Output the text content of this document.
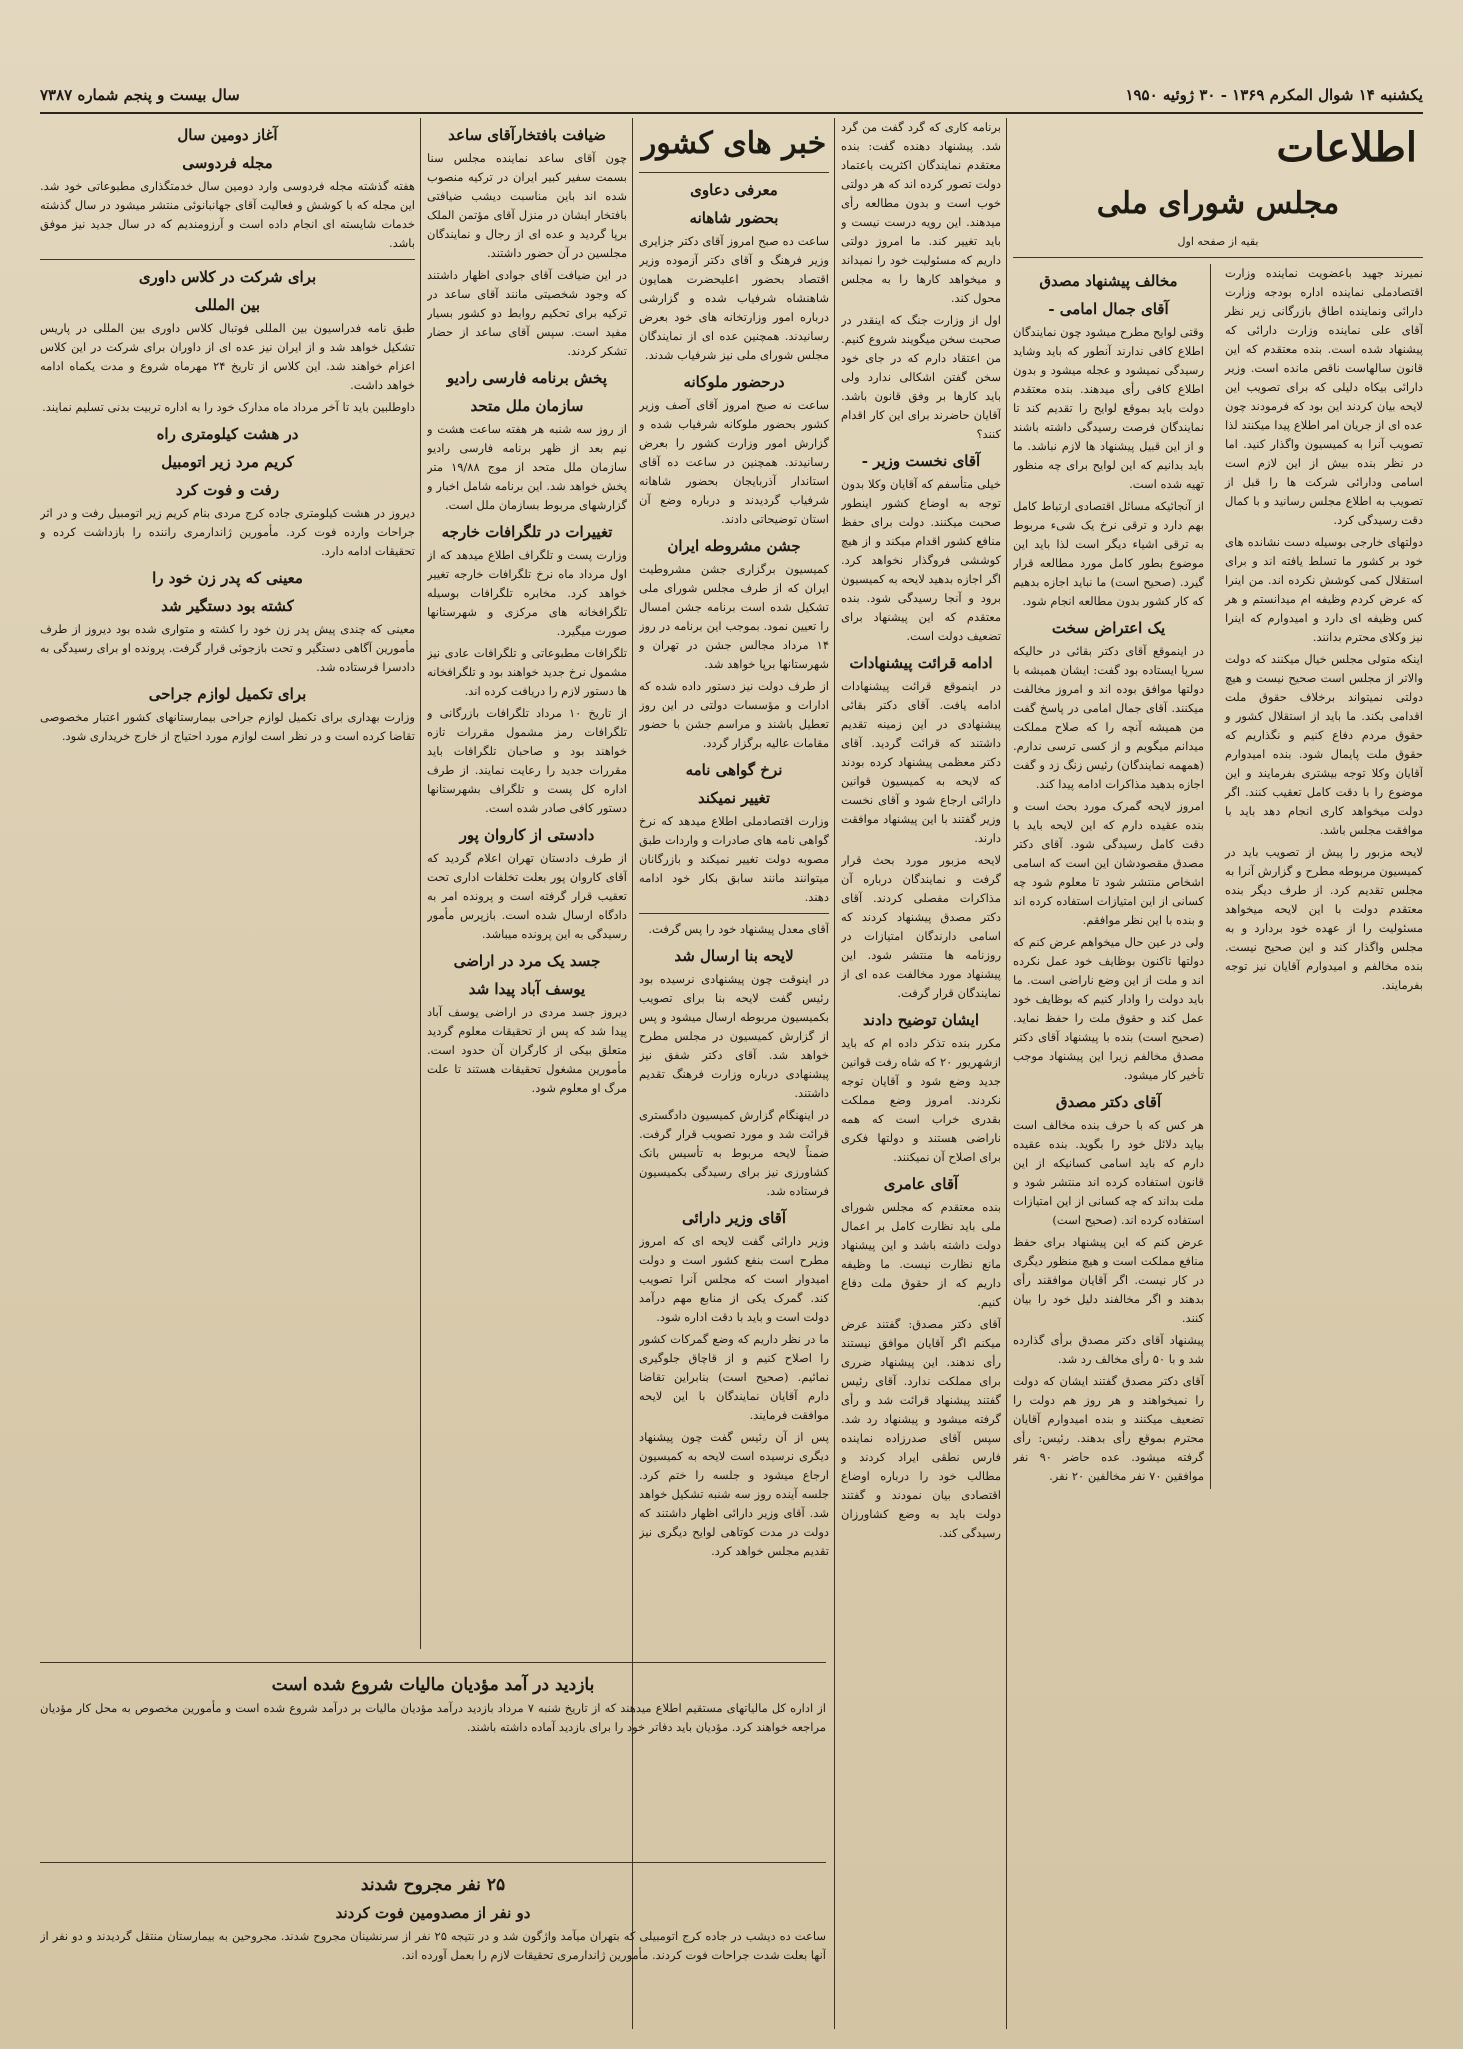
یکشنبه ۱۴ شوال المکرم ۱۳۶۹ - ۳۰ ژوئیه ۱۹۵۰
سال بیست و پنجم شماره ۷۳۸۷
اطلاعات
مجلس شورای ملی
بقیه از صفحه اول

نمیرند جهید باعضویت نماینده وزارت اقتصادملی نماینده اداره بودجه وزارت دارائی ونماینده اطاق بازرگانی زیر نظر آقای علی نماینده وزارت دارائی که پیشنهاد شده است. بنده معتقدم که این قانون سالهاست ناقص مانده است. وزیر دارائی بیکاه دلیلی که برای تصویب این لایحه بیان کردند این بود که فرمودند چون عده ای از جریان امر اطلاع پیدا میکنند لذا تصویب آنرا به کمیسیون واگذار کنید. اما در نظر بنده بیش از این لازم است اسامی ودارائی شرکت ها را قبل از تصویب به اطلاع مجلس رسانید و با کمال دقت رسیدگی کرد.

دولتهای خارجی بوسیله دست نشانده های خود بر کشور ما تسلط یافته اند و برای استقلال کمی کوشش نکرده اند. من اینرا که عرض کردم وظیفه ام میدانستم و هر کس وظیفه ای دارد و امیدوارم که اینرا نیز وکلای محترم بدانند.

اینکه متولی مجلس خیال میکنند که دولت والاتر از مجلس است صحیح نیست و هیچ دولتی نمیتواند برخلاف حقوق ملت اقدامی بکند. ما باید از استقلال کشور و حقوق مردم دفاع کنیم و نگذاریم که حقوق ملت پایمال شود. بنده امیدوارم آقایان وکلا توجه بیشتری بفرمایند و این موضوع را با دقت کامل تعقیب کنند. اگر دولت میخواهد کاری انجام دهد باید با موافقت مجلس باشد.

لایحه مزبور را پیش از تصویب باید در کمیسیون مربوطه مطرح و گزارش آنرا به مجلس تقدیم کرد. از طرف دیگر بنده معتقدم دولت با این لایحه میخواهد مسئولیت را از عهده خود بردارد و به مجلس واگذار کند و این صحیح نیست. بنده مخالفم و امیدوارم آقایان نیز توجه بفرمایند.

مخالف پیشنهاد مصدق
آقای جمال امامی -

وقتی لوایح مطرح میشود چون نمایندگان اطلاع کافی ندارند آنطور که باید وشاید رسیدگی نمیشود و عجله میشود و بدون اطلاع کافی رأی میدهند. بنده معتقدم دولت باید بموقع لوایح را تقدیم کند تا نمایندگان فرصت رسیدگی داشته باشند و از این قبیل پیشنهاد ها لازم نباشد. ما باید بدانیم که این لوایح برای چه منظور تهیه شده است.

از آنجائیکه مسائل اقتصادی ارتباط کامل بهم دارد و ترقی نرخ یک شیء مربوط به ترقی اشیاء دیگر است لذا باید این موضوع بطور کامل مورد مطالعه قرار گیرد. (صحیح است) ما نباید اجازه بدهیم که کار کشور بدون مطالعه انجام شود.

یک اعتراض سخت

در اینموقع آقای دکتر بقائی در حالیکه سرپا ایستاده بود گفت: ایشان همیشه با دولتها موافق بوده اند و امروز مخالفت میکنند. آقای جمال امامی در پاسخ گفت من همیشه آنچه را که صلاح مملکت میدانم میگویم و از کسی ترسی ندارم. (همهمه نمایندگان) رئیس زنگ زد و گفت اجازه بدهید مذاکرات ادامه پیدا کند.

امروز لایحه گمرک مورد بحث است و بنده عقیده دارم که این لایحه باید با دقت کامل رسیدگی شود. آقای دکتر مصدق مقصودشان این است که اسامی اشخاص منتشر شود تا معلوم شود چه کسانی از این امتیازات استفاده کرده اند و بنده با این نظر موافقم.

ولی در عین حال میخواهم عرض کنم که دولتها تاکنون بوظایف خود عمل نکرده اند و ملت از این وضع ناراضی است. ما باید دولت را وادار کنیم که بوظایف خود عمل کند و حقوق ملت را حفظ نماید. (صحیح است) بنده با پیشنهاد آقای دکتر مصدق مخالفم زیرا این پیشنهاد موجب تأخیر کار میشود.

آقای دکتر مصدق

هر کس که با حرف بنده مخالف است بیاید دلائل خود را بگوید. بنده عقیده دارم که باید اسامی کسانیکه از این قانون استفاده کرده اند منتشر شود و ملت بداند که چه کسانی از این امتیازات استفاده کرده اند. (صحیح است)

عرض کنم که این پیشنهاد برای حفظ منافع مملکت است و هیچ منظور دیگری در کار نیست. اگر آقایان موافقند رأی بدهند و اگر مخالفند دلیل خود را بیان کنند.

پیشنهاد آقای دکتر مصدق برأی گذارده شد و با ۵۰ رأی مخالف رد شد.

آقای دکتر مصدق گفتند ایشان که دولت را نمیخواهند و هر روز هم دولت را تضعیف میکنند و بنده امیدوارم آقایان محترم بموقع رأی بدهند. رئیس: رأی گرفته میشود. عده حاضر ۹۰ نفر موافقین ۷۰ نفر مخالفین ۲۰ نفر.

برنامه کاری که گرد گفت من گرد شد. پیشنهاد دهنده گفت: بنده معتقدم نمایندگان اکثریت باعتماد دولت تصور کرده اند که هر دولتی خوب است و بدون مطالعه رأی میدهند. این رویه درست نیست و باید تغییر کند. ما امروز دولتی داریم که مسئولیت خود را نمیداند و میخواهد کارها را به مجلس محول کند.

اول از وزارت جنگ که اینقدر در صحبت سخن میگویند شروع کنیم. من اعتقاد دارم که در جای خود سخن گفتن اشکالی ندارد ولی باید کارها بر وفق قانون باشد. آقایان حاضرند برای این کار اقدام کنند؟

آقای نخست وزیر -

خیلی متأسفم که آقایان وکلا بدون توجه به اوضاع کشور اینطور صحبت میکنند. دولت برای حفظ منافع کشور اقدام میکند و از هیچ کوششی فروگذار نخواهد کرد. اگر اجازه بدهید لایحه به کمیسیون برود و آنجا رسیدگی شود. بنده معتقدم که این پیشنهاد برای تضعیف دولت است.

ادامه قرائت پیشنهادات

در اینموقع قرائت پیشنهادات ادامه یافت. آقای دکتر بقائی پیشنهادی در این زمینه تقدیم داشتند که قرائت گردید. آقای دکتر معظمی پیشنهاد کرده بودند که لایحه به کمیسیون قوانین دارائی ارجاع شود و آقای نخست وزیر گفتند با این پیشنهاد موافقت دارند.

لایحه مزبور مورد بحث قرار گرفت و نمایندگان درباره آن مذاکرات مفصلی کردند. آقای دکتر مصدق پیشنهاد کردند که اسامی دارندگان امتیازات در روزنامه ها منتشر شود. این پیشنهاد مورد مخالفت عده ای از نمایندگان قرار گرفت.

ایشان توضیح دادند

مکرر بنده تذکر داده ام که باید ازشهریور ۲۰ که شاه رفت قوانین جدید وضع شود و آقایان توجه نکردند. امروز وضع مملکت بقدری خراب است که همه ناراضی هستند و دولتها فکری برای اصلاح آن نمیکنند.

آقای عامری

بنده معتقدم که مجلس شورای ملی باید نظارت کامل بر اعمال دولت داشته باشد و این پیشنهاد مانع نظارت نیست. ما وظیفه داریم که از حقوق ملت دفاع کنیم.

آقای دکتر مصدق: گفتند عرض میکنم اگر آقایان موافق نیستند رأی ندهند. این پیشنهاد ضرری برای مملکت ندارد. آقای رئیس گفتند پیشنهاد قرائت شد و رأی گرفته میشود و پیشنهاد رد شد. سپس آقای صدرزاده نماینده فارس نطقی ایراد کردند و مطالب خود را درباره اوضاع اقتصادی بیان نمودند و گفتند دولت باید به وضع کشاورزان رسیدگی کند.

خبر های کشور
معرفی دعاوی
بحضور شاهانه

ساعت ده صبح امروز آقای دکتر جزایری وزیر فرهنگ و آقای دکتر آزموده وزیر اقتصاد بحضور اعلیحضرت همایون شاهنشاه شرفیاب شده و گزارشی درباره امور وزارتخانه های خود بعرض رسانیدند. همچنین عده ای از نمایندگان مجلس شورای ملی نیز شرفیاب شدند.

درحضور ملوکانه

ساعت نه صبح امروز آقای آصف وزیر کشور بحضور ملوکانه شرفیاب شده و گزارش امور وزارت کشور را بعرض رسانیدند. همچنین در ساعت ده آقای استاندار آذربایجان بحضور شاهانه شرفیاب گردیدند و درباره وضع آن استان توضیحاتی دادند.

جشن مشروطه ایران

کمیسیون برگزاری جشن مشروطیت ایران که از طرف مجلس شورای ملی تشکیل شده است برنامه جشن امسال را تعیین نمود. بموجب این برنامه در روز ۱۴ مرداد مجالس جشن در تهران و شهرستانها برپا خواهد شد.

از طرف دولت نیز دستور داده شده که ادارات و مؤسسات دولتی در این روز تعطیل باشند و مراسم جشن با حضور مقامات عالیه برگزار گردد.

نرخ گواهی نامه
تغییر نمیکند

وزارت اقتصادملی اطلاع میدهد که نرخ گواهی نامه های صادرات و واردات طبق مصوبه دولت تغییر نمیکند و بازرگانان میتوانند مانند سابق بکار خود ادامه دهند.

آقای معدل پیشنهاد خود را پس گرفت.

لایحه بنا ارسال شد

در اینوقت چون پیشنهادی نرسیده بود رئیس گفت لایحه بنا برای تصویب بکمیسیون مربوطه ارسال میشود و پس از گزارش کمیسیون در مجلس مطرح خواهد شد. آقای دکتر شفق نیز پیشنهادی درباره وزارت فرهنگ تقدیم داشتند.

در اینهنگام گزارش کمیسیون دادگستری قرائت شد و مورد تصویب قرار گرفت. ضمناً لایحه مربوط به تأسیس بانک کشاورزی نیز برای رسیدگی بکمیسیون فرستاده شد.

آقای وزیر دارائی

وزیر دارائی گفت لایحه ای که امروز مطرح است بنفع کشور است و دولت امیدوار است که مجلس آنرا تصویب کند. گمرک یکی از منابع مهم درآمد دولت است و باید با دقت اداره شود.

ما در نظر داریم که وضع گمرکات کشور را اصلاح کنیم و از قاچاق جلوگیری نمائیم. (صحیح است) بنابراین تقاضا دارم آقایان نمایندگان با این لایحه موافقت فرمایند.

پس از آن رئیس گفت چون پیشنهاد دیگری نرسیده است لایحه به کمیسیون ارجاع میشود و جلسه را ختم کرد. جلسه آینده روز سه شنبه تشکیل خواهد شد. آقای وزیر دارائی اظهار داشتند که دولت در مدت کوتاهی لوایح دیگری نیز تقدیم مجلس خواهد کرد.

ضیافت بافتخارآقای ساعد

چون آقای ساعد نماینده مجلس سنا بسمت سفیر کبیر ایران در ترکیه منصوب شده اند باین مناسبت دیشب ضیافتی بافتخار ایشان در منزل آقای مؤتمن الملک برپا گردید و عده ای از رجال و نمایندگان مجلسین در آن حضور داشتند.

در این ضیافت آقای جوادی اظهار داشتند که وجود شخصیتی مانند آقای ساعد در ترکیه برای تحکیم روابط دو کشور بسیار مفید است. سپس آقای ساعد از حضار تشکر کردند.

پخش برنامه فارسی رادیو
سازمان ملل متحد

از روز سه شنبه هر هفته ساعت هشت و نیم بعد از ظهر برنامه فارسی رادیو سازمان ملل متحد از موج ۱۹/۸۸ متر پخش خواهد شد. این برنامه شامل اخبار و گزارشهای مربوط بسازمان ملل است.

تغییرات در تلگرافات خارجه

وزارت پست و تلگراف اطلاع میدهد که از اول مرداد ماه نرخ تلگرافات خارجه تغییر خواهد کرد. مخابره تلگرافات بوسیله تلگرافخانه های مرکزی و شهرستانها صورت میگیرد.

تلگرافات مطبوعاتی و تلگرافات عادی نیز مشمول نرخ جدید خواهند بود و تلگرافخانه ها دستور لازم را دریافت کرده اند.

از تاریخ ۱۰ مرداد تلگرافات بازرگانی و تلگرافات رمز مشمول مقررات تازه خواهند بود و صاحبان تلگرافات باید مقررات جدید را رعایت نمایند. از طرف اداره کل پست و تلگراف بشهرستانها دستور کافی صادر شده است.

دادستی از کاروان پور

از طرف دادستان تهران اعلام گردید که آقای کاروان پور بعلت تخلفات اداری تحت تعقیب قرار گرفته است و پرونده امر به دادگاه ارسال شده است. بازپرس مأمور رسیدگی به این پرونده میباشد.

جسد یک مرد در اراضی
یوسف آباد پیدا شد

دیروز جسد مردی در اراضی یوسف آباد پیدا شد که پس از تحقیقات معلوم گردید متعلق بیکی از کارگران آن حدود است. مأمورین مشغول تحقیقات هستند تا علت مرگ او معلوم شود.

آغاز دومین سال
مجله فردوسی

هفته گذشته مجله فردوسی وارد دومین سال خدمتگذاری مطبوعاتی خود شد. این مجله که با کوشش و فعالیت آقای جهانبانوئی منتشر میشود در سال گذشته خدمات شایسته ای انجام داده است و آرزومندیم که در سال جدید نیز موفق باشد.

برای شرکت در کلاس داوری
بین المللی

طبق نامه فدراسیون بین المللی فوتبال کلاس داوری بین المللی در پاریس تشکیل خواهد شد و از ایران نیز عده ای از داوران برای شرکت در این کلاس اعزام خواهند شد. این کلاس از تاریخ ۲۴ مهرماه شروع و مدت یکماه ادامه خواهد داشت.

داوطلبین باید تا آخر مرداد ماه مدارک خود را به اداره تربیت بدنی تسلیم نمایند.

در هشت کیلومتری راه
کریم مرد زیر اتومبیل
رفت و فوت کرد

دیروز در هشت کیلومتری جاده کرج مردی بنام کریم زیر اتومبیل رفت و در اثر جراحات وارده فوت کرد. مأمورین ژاندارمری راننده را بازداشت کرده و تحقیقات ادامه دارد.

معینی که پدر زن خود را
کشته بود دستگیر شد

معینی که چندی پیش پدر زن خود را کشته و متواری شده بود دیروز از طرف مأمورین آگاهی دستگیر و تحت بازجوئی قرار گرفت. پرونده او برای رسیدگی به دادسرا فرستاده شد.

برای تکمیل لوازم جراحی

وزارت بهداری برای تکمیل لوازم جراحی بیمارستانهای کشور اعتبار مخصوصی تقاضا کرده است و در نظر است لوازم مورد احتیاج از خارج خریداری شود.

بازدید در آمد مؤدیان مالیات شروع شده است

از اداره کل مالیاتهای مستقیم اطلاع میدهند که از تاریخ شنبه ۷ مرداد بازدید درآمد مؤدیان مالیات بر درآمد شروع شده است و مأمورین مخصوص به محل کار مؤدیان مراجعه خواهند کرد. مؤدیان باید دفاتر خود را برای بازدید آماده داشته باشند.

۲۵ نفر مجروح شدند
دو نفر از مصدومین فوت کردند

ساعت ده دیشب در جاده کرج اتومبیلی که بتهران میآمد واژگون شد و در نتیجه ۲۵ نفر از سرنشینان مجروح شدند. مجروحین به بیمارستان منتقل گردیدند و دو نفر از آنها بعلت شدت جراحات فوت کردند. مأمورین ژاندارمری تحقیقات لازم را بعمل آورده اند.
